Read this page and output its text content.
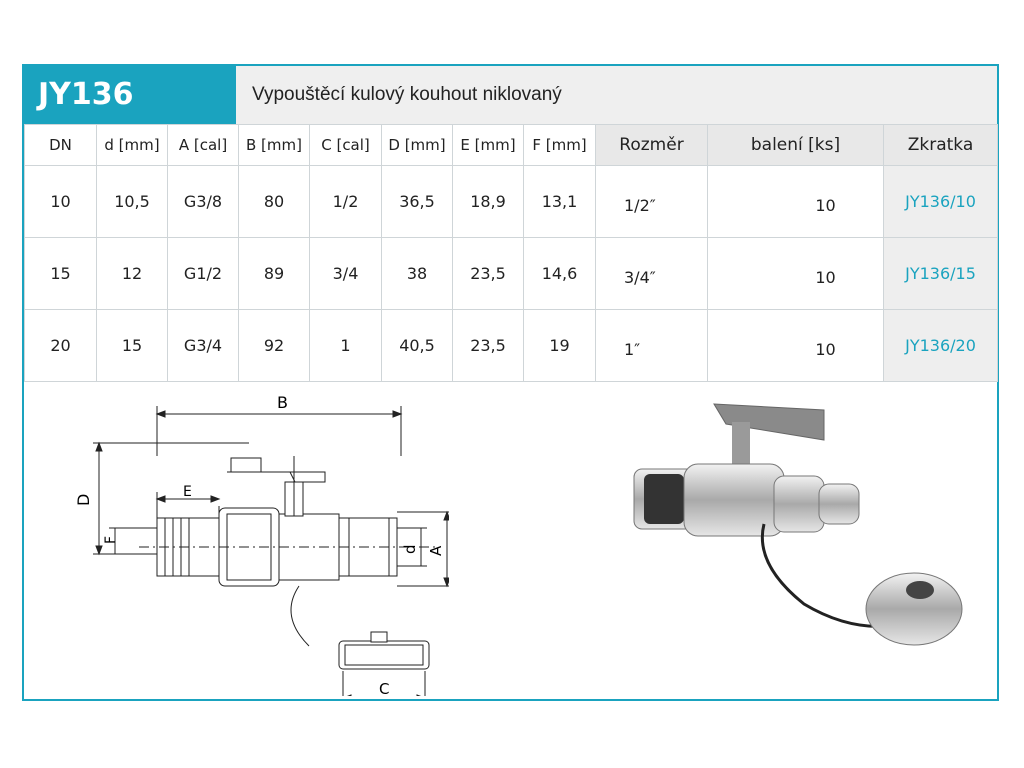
JY136	Vypouštěcí kulový kouhout niklovaný
DN	d [mm]	A [cal]	B [mm]	C [cal]	D [mm]	E [mm]	F [mm]	Rozměr	balení [ks]	Zkratka
10	10,5	G3/8	80	1/2	36,5	18,9	13,1	1/2″	10	JY136/10
15	12	G1/2	89	3/4	38	23,5	14,6	3/4″	10	JY136/15
20	15	G3/4	92	1	40,5	23,5	19	1″	10	JY136/20
B
D	E
F
d A
C
